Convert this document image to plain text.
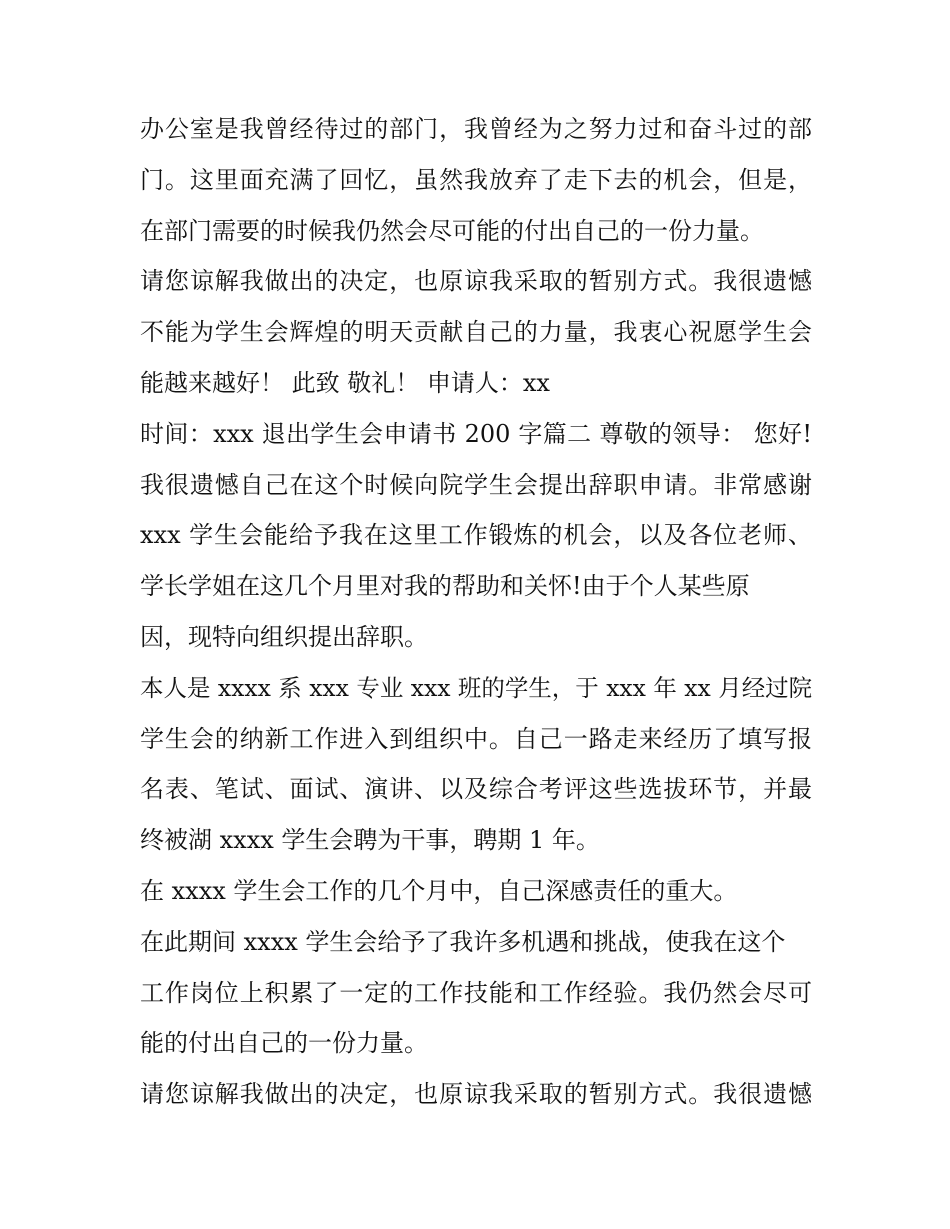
办公室是我曾经待过的部门，我曾经为之努力过和奋斗过的部
门。这里面充满了回忆，虽然我放弃了走下去的机会，但是，
在部门需要的时候我仍然会尽可能的付出自己的一份力量。
请您谅解我做出的决定，也原谅我采取的暂别方式。我很遗憾
不能为学生会辉煌的明天贡献自己的力量，我衷心祝愿学生会
能越来越好！ 此致 敬礼！ 申请人：xx
时间：xxx 退出学生会申请书 200 字篇二 尊敬的领导： 您好!
我很遗憾自己在这个时候向院学生会提出辞职申请。非常感谢
xxx 学生会能给予我在这里工作锻炼的机会，以及各位老师、
学长学姐在这几个月里对我的帮助和关怀!由于个人某些原
因，现特向组织提出辞职。
本人是 xxxx 系 xxx 专业 xxx 班的学生，于 xxx 年 xx 月经过院
学生会的纳新工作进入到组织中。自己一路走来经历了填写报
名表、笔试、面试、演讲、以及综合考评这些选拔环节，并最
终被湖 xxxx 学生会聘为干事，聘期 1 年。
在 xxxx 学生会工作的几个月中，自己深感责任的重大。
在此期间 xxxx 学生会给予了我许多机遇和挑战，使我在这个
工作岗位上积累了一定的工作技能和工作经验。我仍然会尽可
能的付出自己的一份力量。
请您谅解我做出的决定，也原谅我采取的暂别方式。我很遗憾
